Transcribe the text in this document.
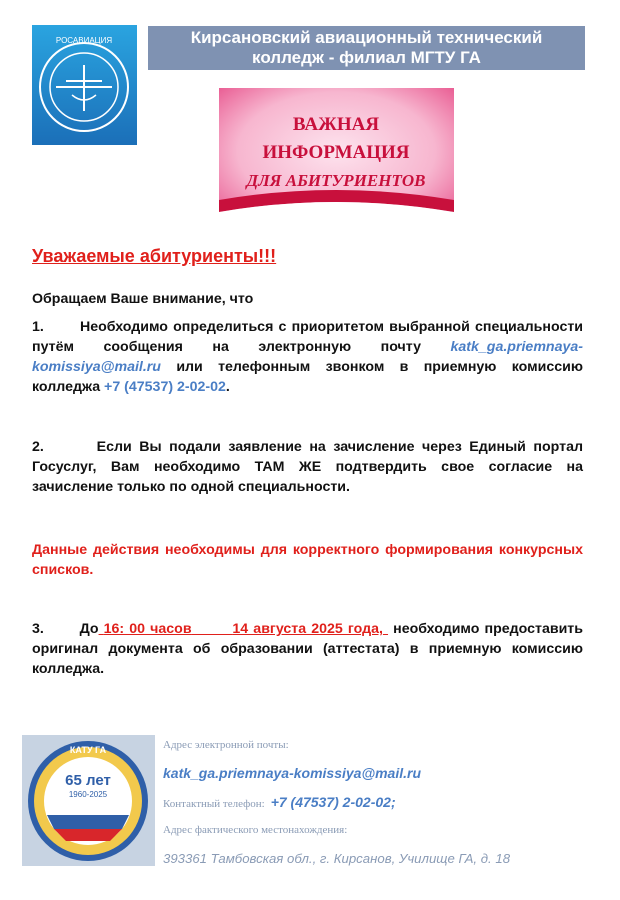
РОСАВИАЦИЯ	Кирсановский авиационный технический
колледж - филиал МГТУ ГА
ВАЖНАЯ
ИНФОРМАЦИЯ
ДЛЯ АБИТУРИЕНТОВ
Уважаемые абитуриенты!!!
Обращаем Ваше внимание, что
1.	Необходимо определиться с приоритетом выбранной специальности путём сообщения на электронную почту katk_ga.priemnaya-komissiya@mail.ru или телефонным звонком в приемную комиссию колледжа +7 (47537) 2-02-02.
2.	Если Вы подали заявление на зачисление через Единый портал Госуслуг, Вам необходимо ТАМ ЖЕ подтвердить свое согласие на зачисление только по одной специальности.
Данные действия необходимы для корректного формирования конкурсных списков.
3.	До 16: 00 часов	14 августа 2025 года, необходимо предоставить оригинал документа об образовании (аттестата) в приемную комиссию колледжа.
КАТУ ГА
65 лет
1960-2025
Адрес электронной почты:
katk_ga.priemnaya-komissiya@mail.ru
Контактный телефон: +7 (47537) 2-02-02;
Адрес фактического местонахождения:
393361 Тамбовская обл., г. Кирсанов, Училище ГА, д. 18
